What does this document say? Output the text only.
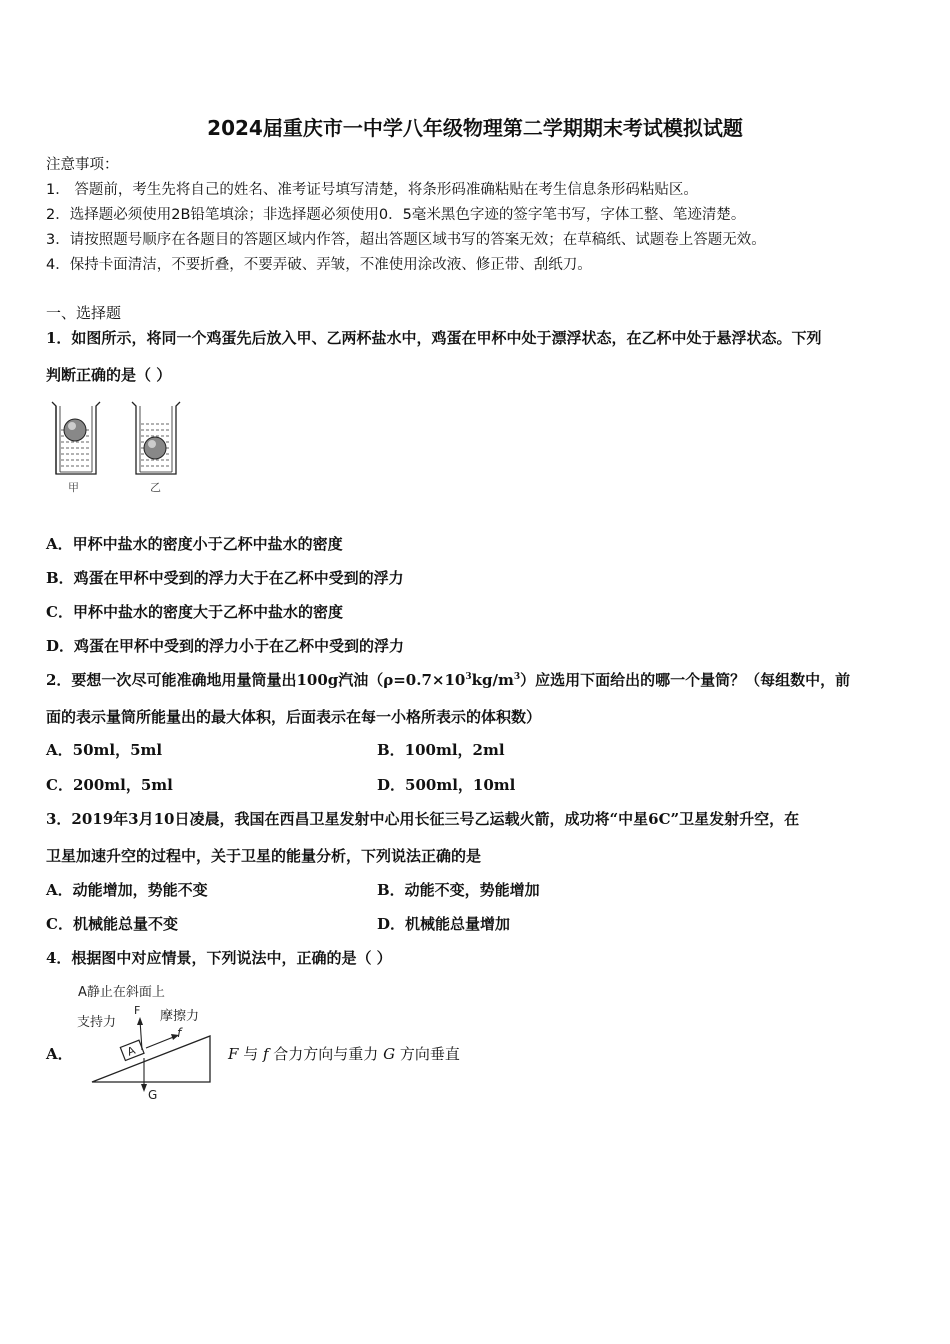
2024届重庆市一中学八年级物理第二学期期末考试模拟试题
注意事项：
1． 答题前，考生先将自己的姓名、准考证号填写清楚，将条形码准确粘贴在考生信息条形码粘贴区。
2．选择题必须使用2B铅笔填涂；非选择题必须使用0．5毫米黑色字迹的签字笔书写，字体工整、笔迹清楚。
3．请按照题号顺序在各题目的答题区域内作答，超出答题区域书写的答案无效；在草稿纸、试题卷上答题无效。
4．保持卡面清洁，不要折叠，不要弄破、弄皱，不准使用涂改液、修正带、刮纸刀。
一、选择题
1．如图所示，将同一个鸡蛋先后放入甲、乙两杯盐水中，鸡蛋在甲杯中处于漂浮状态，在乙杯中处于悬浮状态。下列
判断正确的是（ ）
甲	乙
A．甲杯中盐水的密度小于乙杯中盐水的密度
B．鸡蛋在甲杯中受到的浮力大于在乙杯中受到的浮力
C．甲杯中盐水的密度大于乙杯中盐水的密度
D．鸡蛋在甲杯中受到的浮力小于在乙杯中受到的浮力
2．要想一次尽可能准确地用量筒量出100g汽油$(\rho=0.7\times 10^3kg/m^3)$应选用下面给出的哪一个量筒？（每组数中，前
面的表示量筒所能量出的最大体积，后面表示在每一小格所表示的体积数）
A．50ml，5ml	B．100ml，2ml
C．200ml，5ml	D．500ml，10ml
3．2019年3月10日凌晨，我国在西昌卫星发射中心用长征三号乙运载火箭，成功将“中星6C”卫星发射升空，在
卫星加速升空的过程中，关于卫星的能量分析，下列说法正确的是
A．动能增加，势能不变	B．动能不变，势能增加
C．机械能总量不变	D．机械能总量增加
4．根据图中对应情景，下列说法中，正确的是（ ）
A．
A静止在斜面上
支持力
F 摩擦力
f
A
G
F 与 f 合力方向与重力 G 方向垂直
